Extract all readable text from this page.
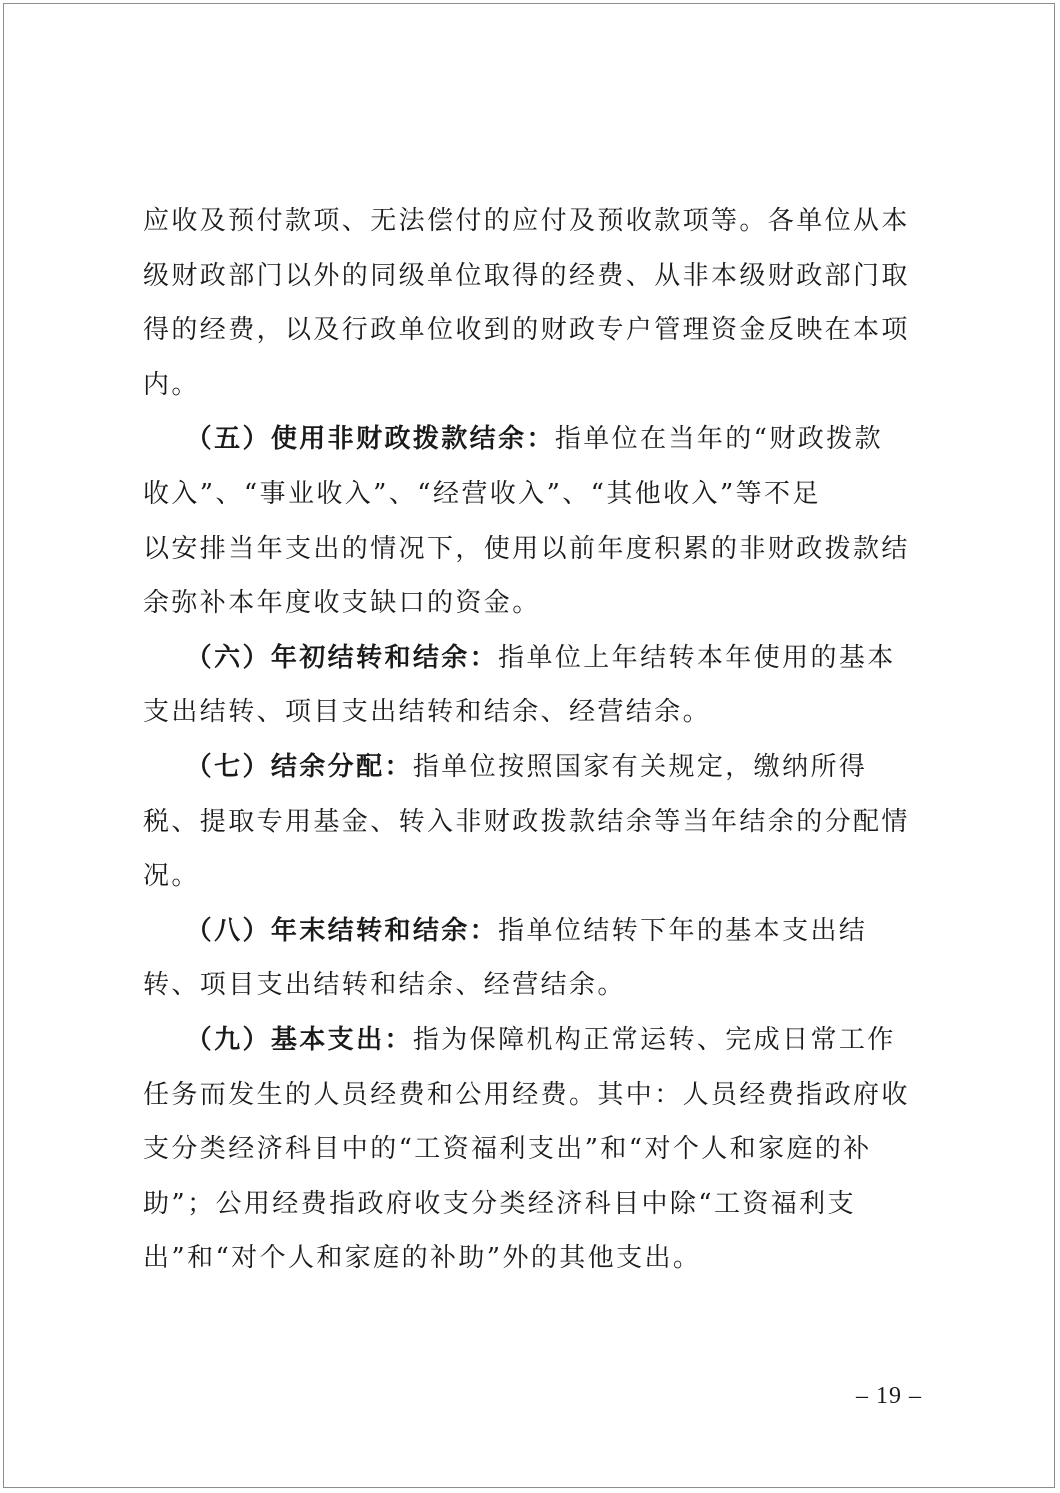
应收及预付款项、无法偿付的应付及预收款项等。各单位从本
级财政部门以外的同级单位取得的经费、从非本级财政部门取
得的经费，以及行政单位收到的财政专户管理资金反映在本项
内。
（五）使用非财政拨款结余：指单位在当年的“财政拨款
收入”、“事业收入”、“经营收入”、“其他收入”等不足
以安排当年支出的情况下，使用以前年度积累的非财政拨款结
余弥补本年度收支缺口的资金。
（六）年初结转和结余：指单位上年结转本年使用的基本
支出结转、项目支出结转和结余、经营结余。
（七）结余分配：指单位按照国家有关规定，缴纳所得
税、提取专用基金、转入非财政拨款结余等当年结余的分配情
况。
（八）年末结转和结余：指单位结转下年的基本支出结
转、项目支出结转和结余、经营结余。
（九）基本支出：指为保障机构正常运转、完成日常工作
任务而发生的人员经费和公用经费。其中：人员经费指政府收
支分类经济科目中的“工资福利支出”和“对个人和家庭的补
助”；公用经费指政府收支分类经济科目中除“工资福利支
出”和“对个人和家庭的补助”外的其他支出。
– 19 –
